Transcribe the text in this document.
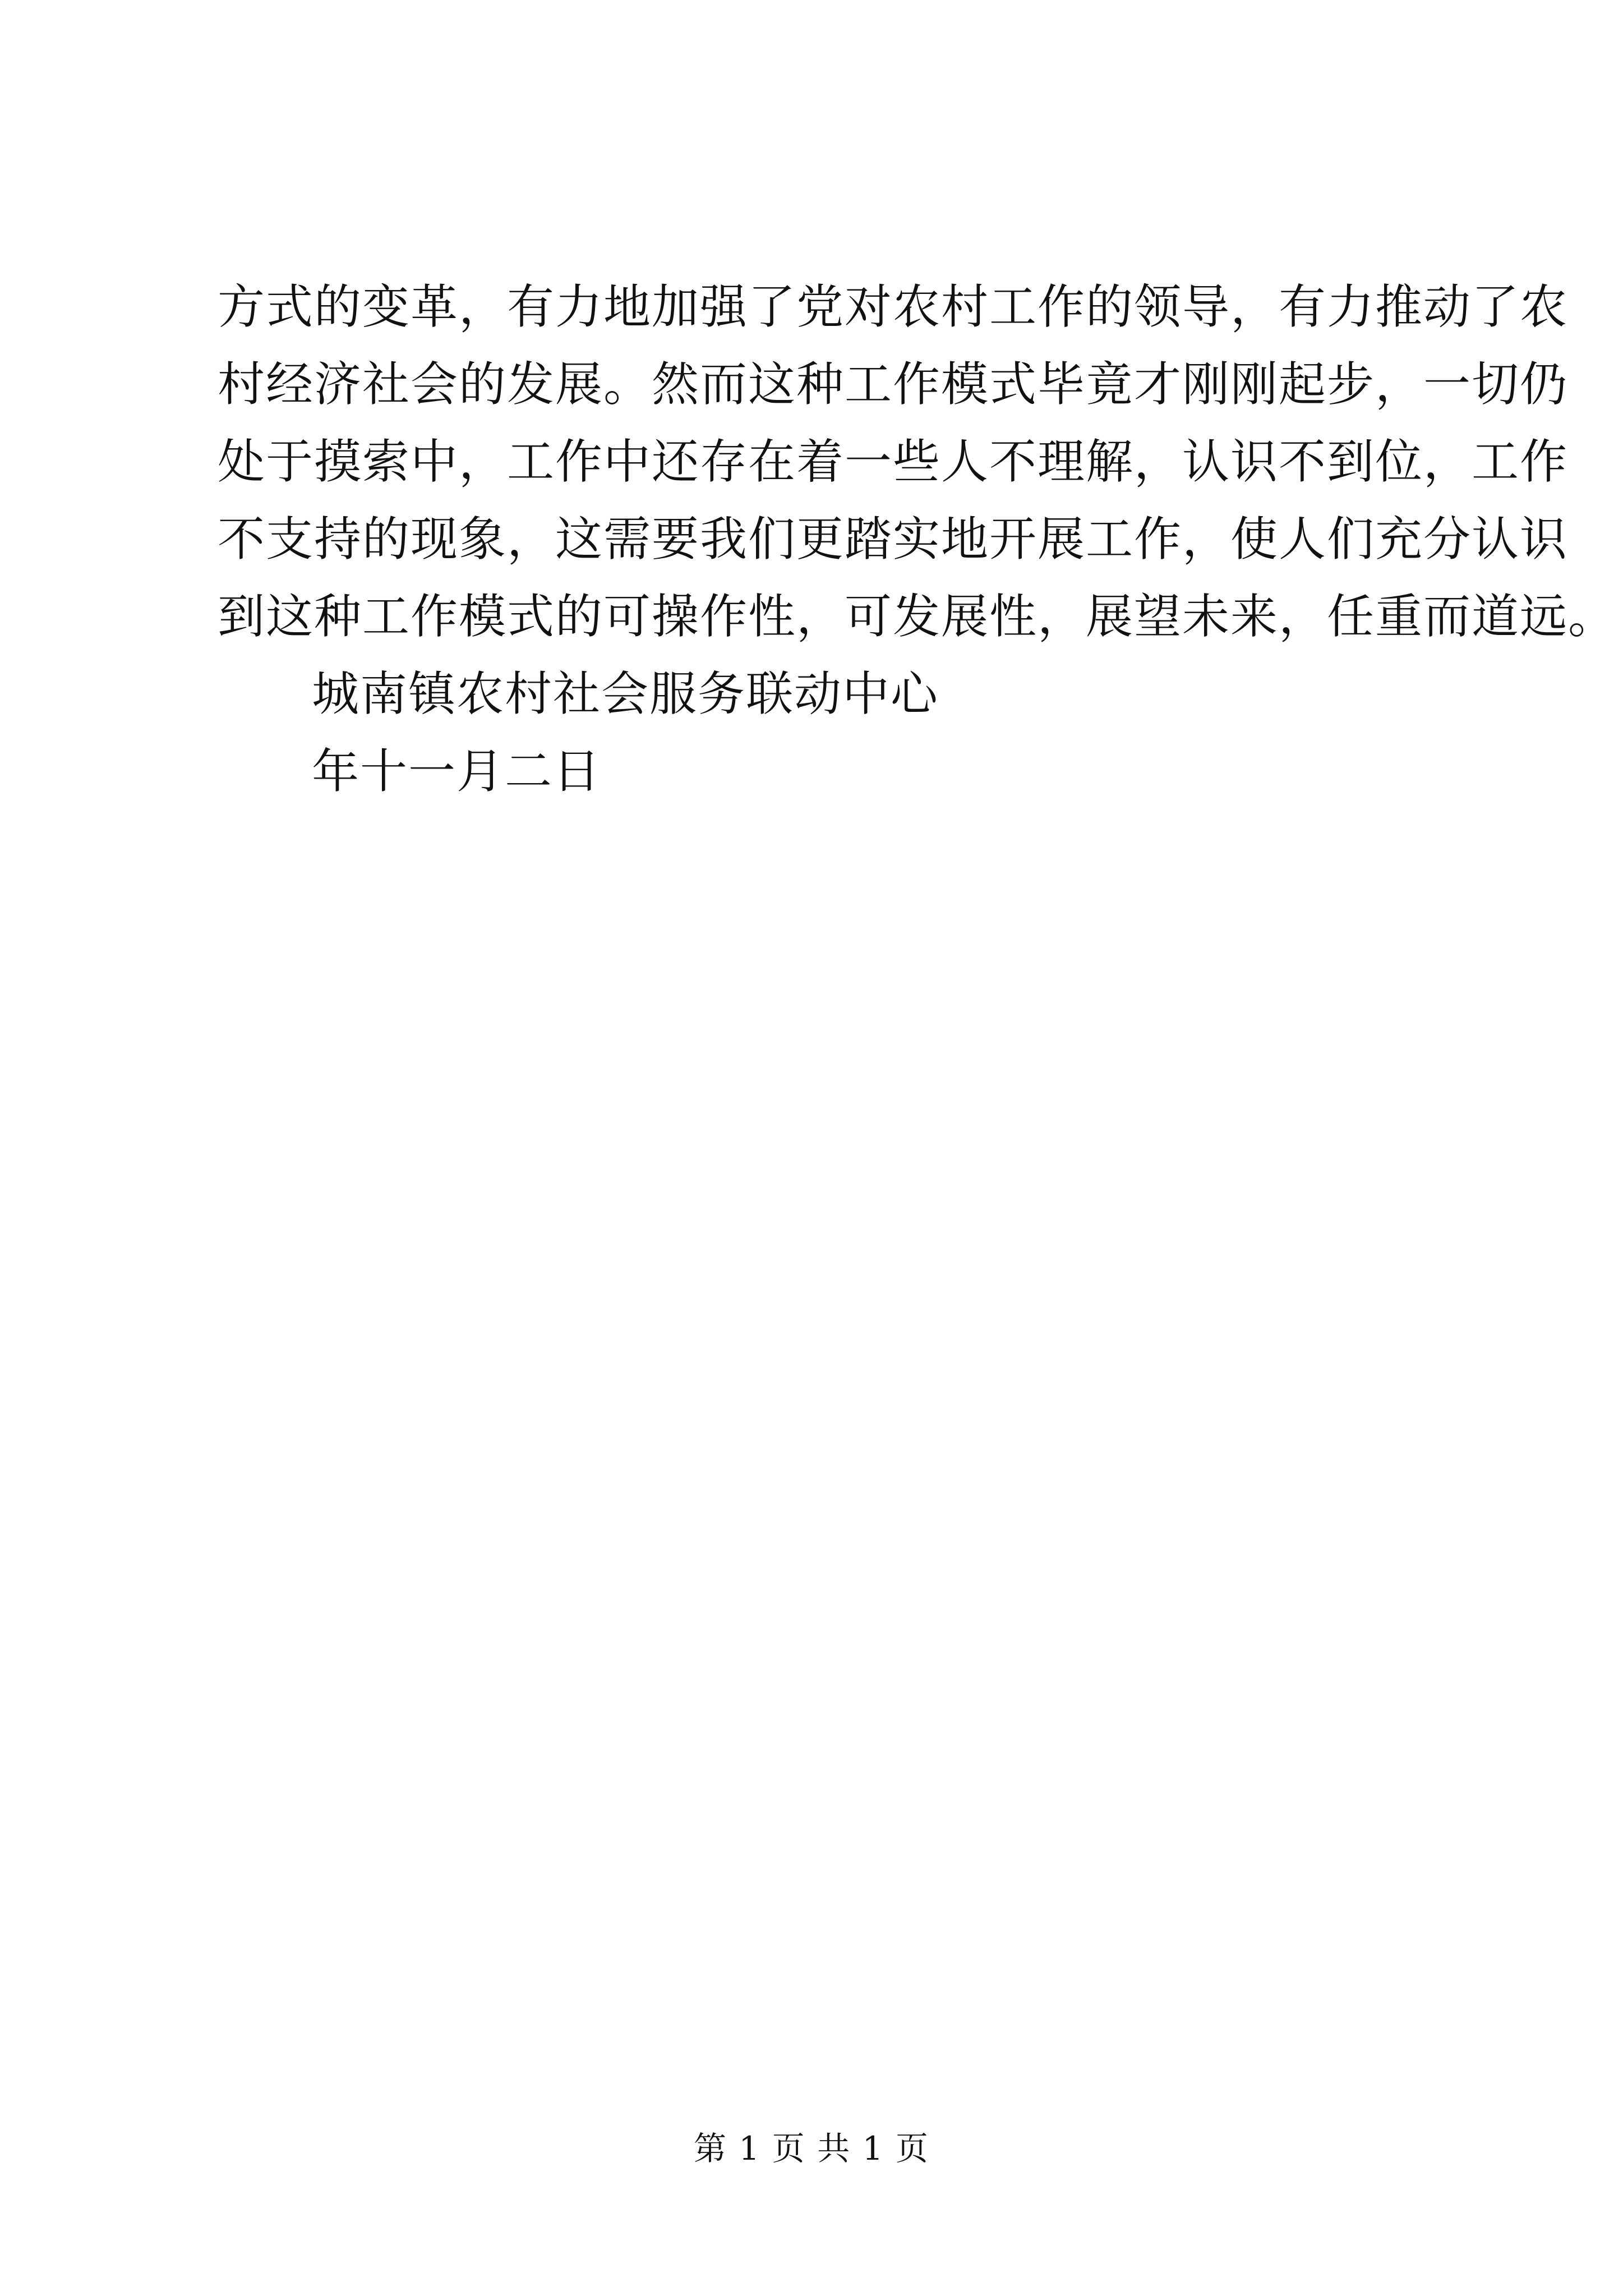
方式的变革，有力地加强了党对农村工作的领导，有力推动了农
村经济社会的发展。然而这种工作模式毕竟才刚刚起步，一切仍
处于摸索中，工作中还存在着一些人不理解，认识不到位，工作
不支持的现象，这需要我们更踏实地开展工作，使人们充分认识
到这种工作模式的可操作性，可发展性，展望未来，任重而道远。
城南镇农村社会服务联动中心
年十一月二日
第 1 页 共 1 页
